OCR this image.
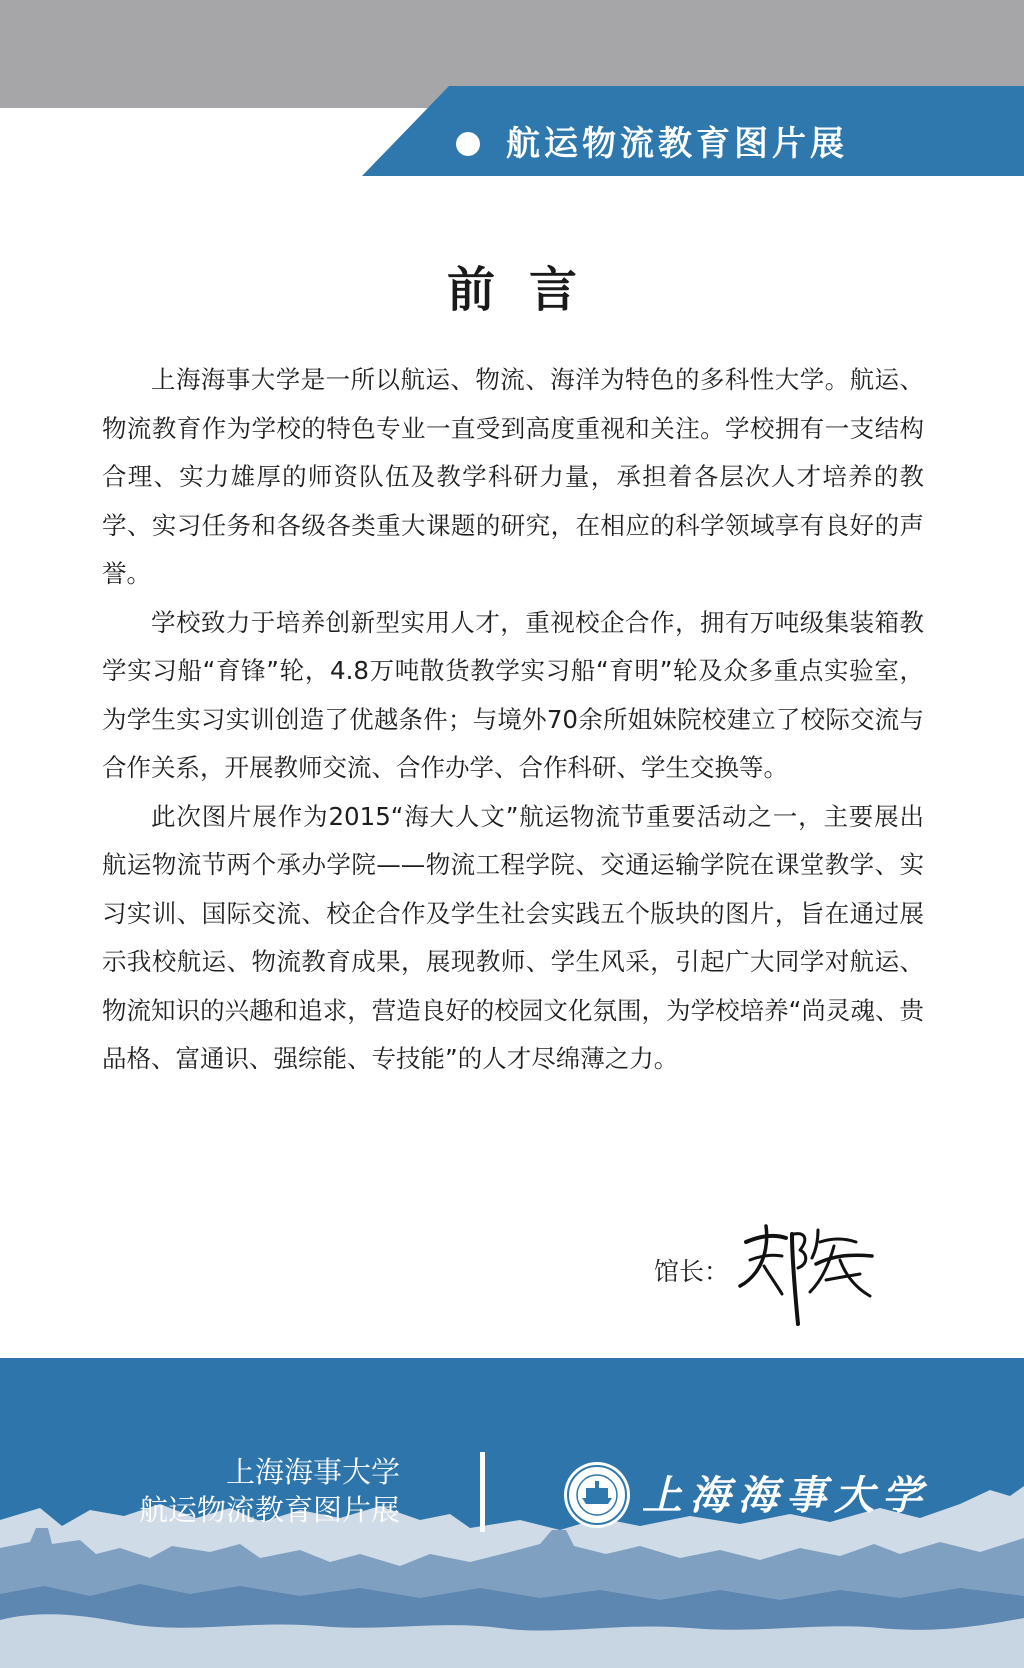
航运物流教育图片展
前言

上海海事大学是一所以航运、物流、海洋为特色的多科性大学。航运、物流教育作为学校的特色专业一直受到高度重视和关注。学校拥有一支结构合理、实力雄厚的师资队伍及教学科研力量，承担着各层次人才培养的教学、实习任务和各级各类重大课题的研究，在相应的科学领域享有良好的声誉。

学校致力于培养创新型实用人才，重视校企合作，拥有万吨级集装箱教学实习船“育锋”轮，4.8万吨散货教学实习船“育明”轮及众多重点实验室，为学生实习实训创造了优越条件；与境外70余所姐妹院校建立了校际交流与合作关系，开展教师交流、合作办学、合作科研、学生交换等。

此次图片展作为2015“海大人文”航运物流节重要活动之一，主要展出航运物流节两个承办学院——物流工程学院、交通运输学院在课堂教学、实习实训、国际交流、校企合作及学生社会实践五个版块的图片，旨在通过展示我校航运、物流教育成果，展现教师、学生风采，引起广大同学对航运、物流知识的兴趣和追求，营造良好的校园文化氛围，为学校培养“尚灵魂、贵品格、富通识、强综能、专技能”的人才尽绵薄之力。

馆长：
上海海事大学
航运物流教育图片展	上海海事大学
